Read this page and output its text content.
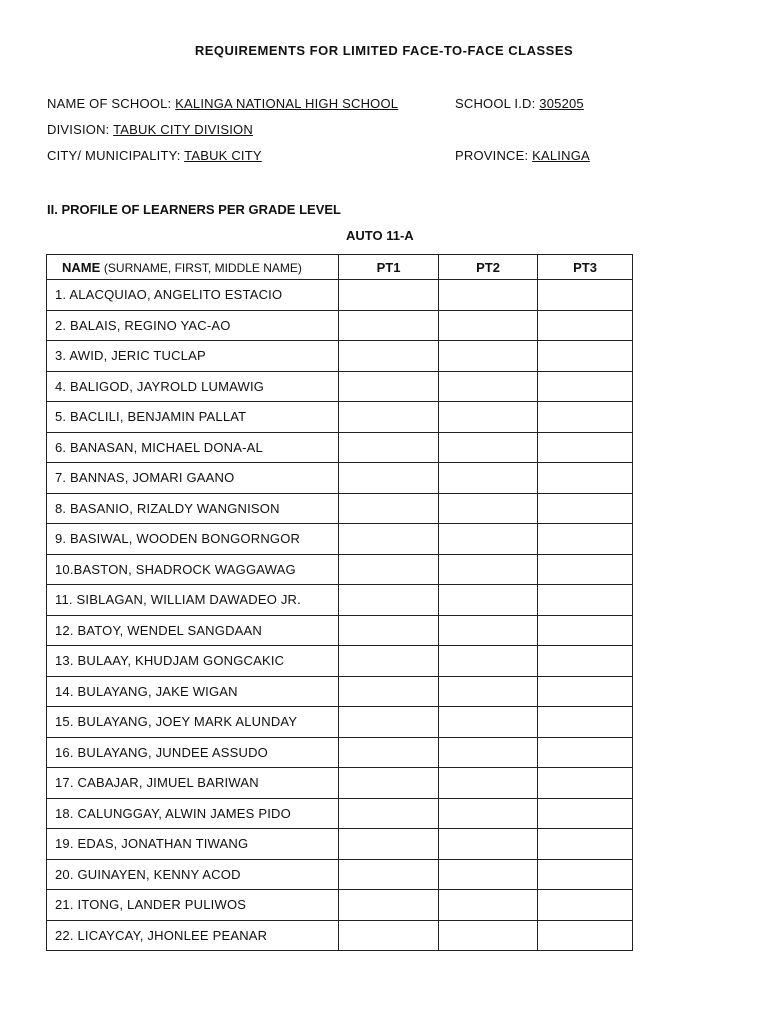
REQUIREMENTS FOR LIMITED FACE-TO-FACE CLASSES
NAME OF SCHOOL: KALINGA NATIONAL HIGH SCHOOL	SCHOOL I.D: 305205
DIVISION: TABUK CITY DIVISION
CITY/ MUNICIPALITY: TABUK CITY	PROVINCE: KALINGA
II. PROFILE OF LEARNERS PER GRADE LEVEL
AUTO 11-A
NAME (SURNAME, FIRST, MIDDLE NAME)	PT1	PT2	PT3
1. ALACQUIAO, ANGELITO ESTACIO			
2. BALAIS, REGINO YAC-AO			
3. AWID, JERIC TUCLAP			
4. BALIGOD, JAYROLD LUMAWIG			
5. BACLILI, BENJAMIN PALLAT			
6. BANASAN, MICHAEL DONA-AL			
7. BANNAS, JOMARI GAANO			
8. BASANIO, RIZALDY WANGNISON			
9. BASIWAL, WOODEN BONGORNGOR			
10.BASTON, SHADROCK WAGGAWAG			
11. SIBLAGAN, WILLIAM DAWADEO JR.			
12. BATOY, WENDEL SANGDAAN			
13. BULAAY, KHUDJAM GONGCAKIC			
14. BULAYANG, JAKE WIGAN			
15. BULAYANG, JOEY MARK ALUNDAY			
16. BULAYANG, JUNDEE ASSUDO			
17. CABAJAR, JIMUEL BARIWAN			
18. CALUNGGAY, ALWIN JAMES PIDO			
19. EDAS, JONATHAN TIWANG			
20. GUINAYEN, KENNY ACOD			
21. ITONG, LANDER PULIWOS			
22. LICAYCAY, JHONLEE PEANAR			
